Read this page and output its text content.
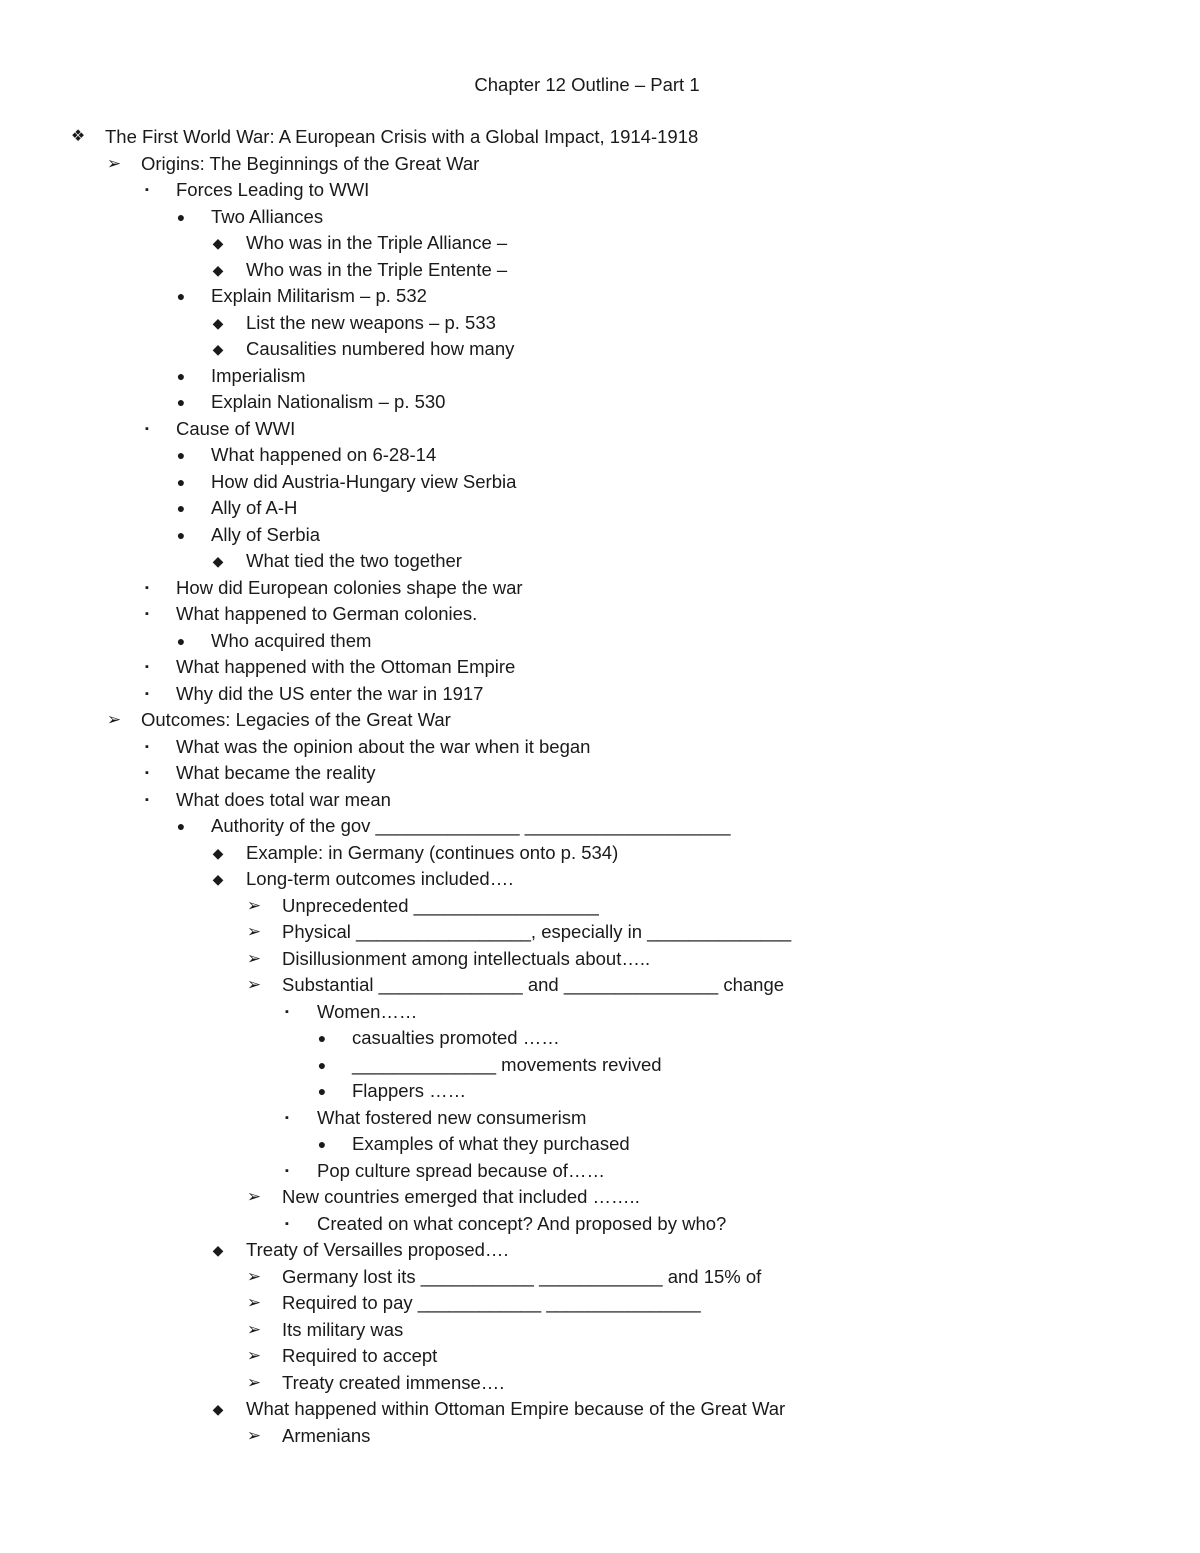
Chapter 12 Outline – Part 1
❖ The First World War: A European Crisis with a Global Impact, 1914-1918
➢ Origins: The Beginnings of the Great War
▪	Forces Leading to WWI
●	Two Alliances
◆ Who was in the Triple Alliance –
◆ Who was in the Triple Entente –
●	Explain Militarism – p. 532
◆ List the new weapons – p. 533
◆ Causalities numbered how many
●	Imperialism
●	Explain Nationalism – p. 530
▪	Cause of WWI
●	What happened on 6-28-14
●	How did Austria-Hungary view Serbia
●	Ally of A-H
●	Ally of Serbia
◆ What tied the two together
▪	How did European colonies shape the war
▪	What happened to German colonies.
●	Who acquired them
▪	What happened with the Ottoman Empire
▪	Why did the US enter the war in 1917
➢ Outcomes: Legacies of the Great War
▪	What was the opinion about the war when it began
▪	What became the reality
▪	What does total war mean
●	Authority of the gov ______________ ____________________
◆ Example: in Germany (continues onto p. 534)
◆ Long-term outcomes included….
➢ Unprecedented __________________
➢ Physical _________________, especially in ______________
➢ Disillusionment among intellectuals about…..
➢ Substantial ______________ and _______________ change
▪	Women……
●	casualties promoted ……
●	______________ movements revived
●	Flappers ……
▪	What fostered new consumerism
●	Examples of what they purchased
▪	Pop culture spread because of……
➢ New countries emerged that included ……..
▪	Created on what concept? And proposed by who?
◆ Treaty of Versailles proposed….
➢ Germany lost its ___________ ____________ and 15% of
➢ Required to pay ____________ _______________
➢ Its military was
➢ Required to accept
➢ Treaty created immense….
◆ What happened within Ottoman Empire because of the Great War
➢ Armenians
